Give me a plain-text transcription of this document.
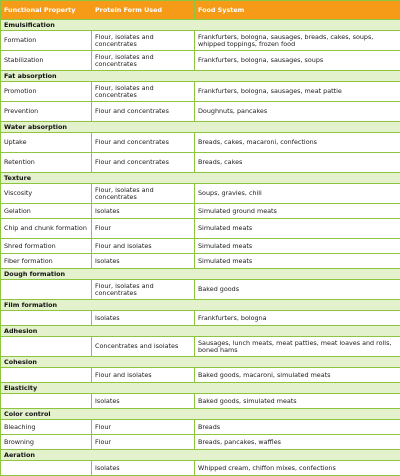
Functional Property	Protein Form Used	Food System
Emulsification		
Formation	Flour, isolates and concentrates	Frankfurters, bologna, sausages, breads, cakes, soups, whipped toppings, frozen food
Stabilization	Flour, isolates and concentrates	Frankfurters, bologna, sausages, soups
Fat absorption		
Promotion	Flour, isolates and concentrates	Frankfurters, bologna, sausages, meat pattie
Prevention	Flour and concentrates	Doughnuts, pancakes
Water absorption		
Uptake	Flour and concentrates	Breads, cakes, macaroni, confections
Retention	Flour and concentrates	Breads, cakes
Texture		
Viscosity	Flour, isolates and concentrates	Soups, gravies, chili
Gelation	Isolates	Simulated ground meats
Chip and chunk formation	Flour	Simulated meats
Shred formation	Flour and isolates	Simulated meats
Fiber formation	Isolates	Simulated meats
Dough formation		
	Flour, isolates and concentrates	Baked goods
Film formation		
	Isolates	Frankfurters, bologna
Adhesion		
	Concentrates and isolates	Sausages, lunch meats, meat patties, meat loaves and rolls, boned hams
Cohesion		
	Flour and isolates	Baked goods, macaroni, simulated meats
Elasticity		
	Isolates	Baked goods, simulated meats
Color control		
Bleaching	Flour	Breads
Browning	Flour	Breads, pancakes, waffles
Aeration		
	Isolates	Whipped cream, chiffon mixes, confections
